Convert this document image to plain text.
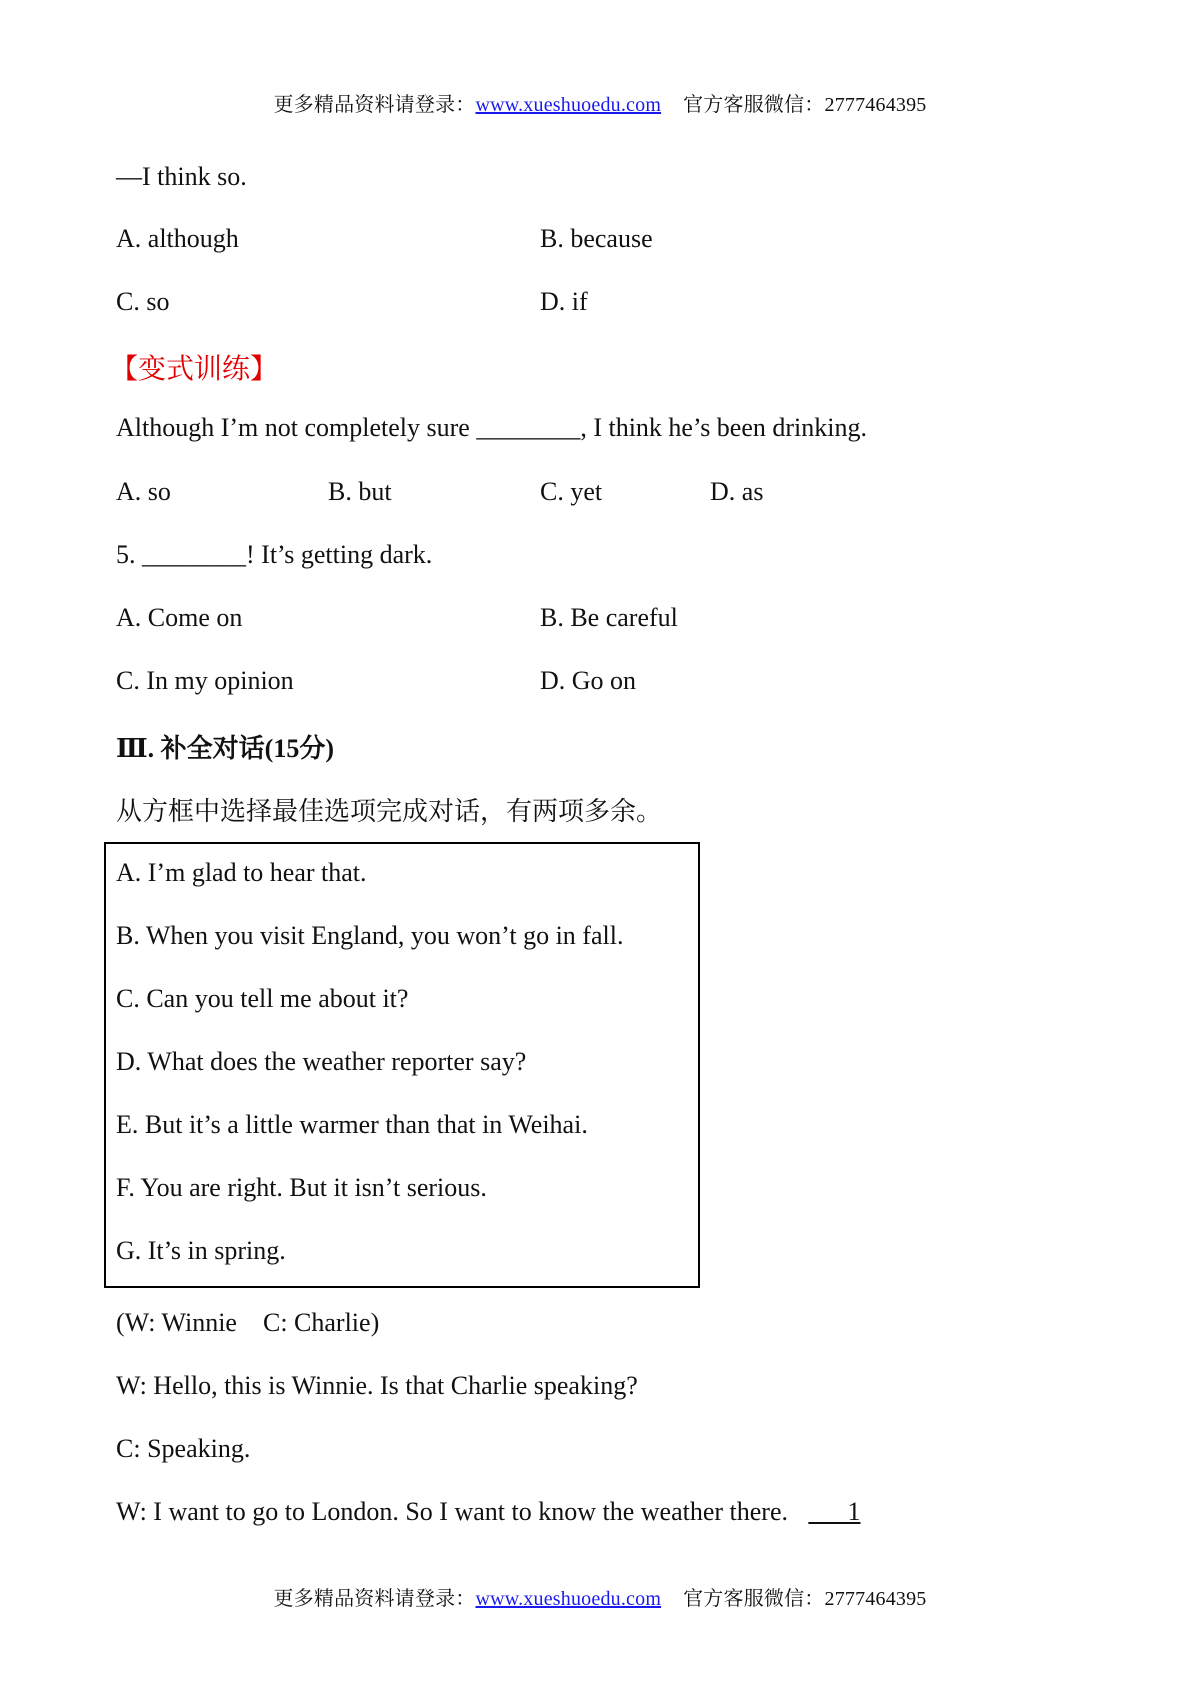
更多精品资料请登录：www.xueshuoedu.com 官方客服微信：2777464395
—I think so.
A. although	B. because
C. so	D. if
【变式训练】
Although I’m not completely sure ________, I think he’s been drinking.
A. so	B. but	C. yet	D. as
5. ________! It’s getting dark.
A. Come on	B. Be careful
C. In my opinion	D. Go on
Ⅲ. 补全对话(15分)
从方框中选择最佳选项完成对话，有两项多余。
A. I’m glad to hear that.
B. When you visit England, you won’t go in fall.
C. Can you tell me about it?
D. What does the weather reporter say?
E. But it’s a little warmer than that in Weihai.
F. You are right. But it isn’t serious.
G. It’s in spring.
(W: Winnie    C: Charlie)
W: Hello, this is Winnie. Is that Charlie speaking?
C: Speaking.
W: I want to go to London. So I want to know the weather there. ___1
更多精品资料请登录：www.xueshuoedu.com 官方客服微信：2777464395
